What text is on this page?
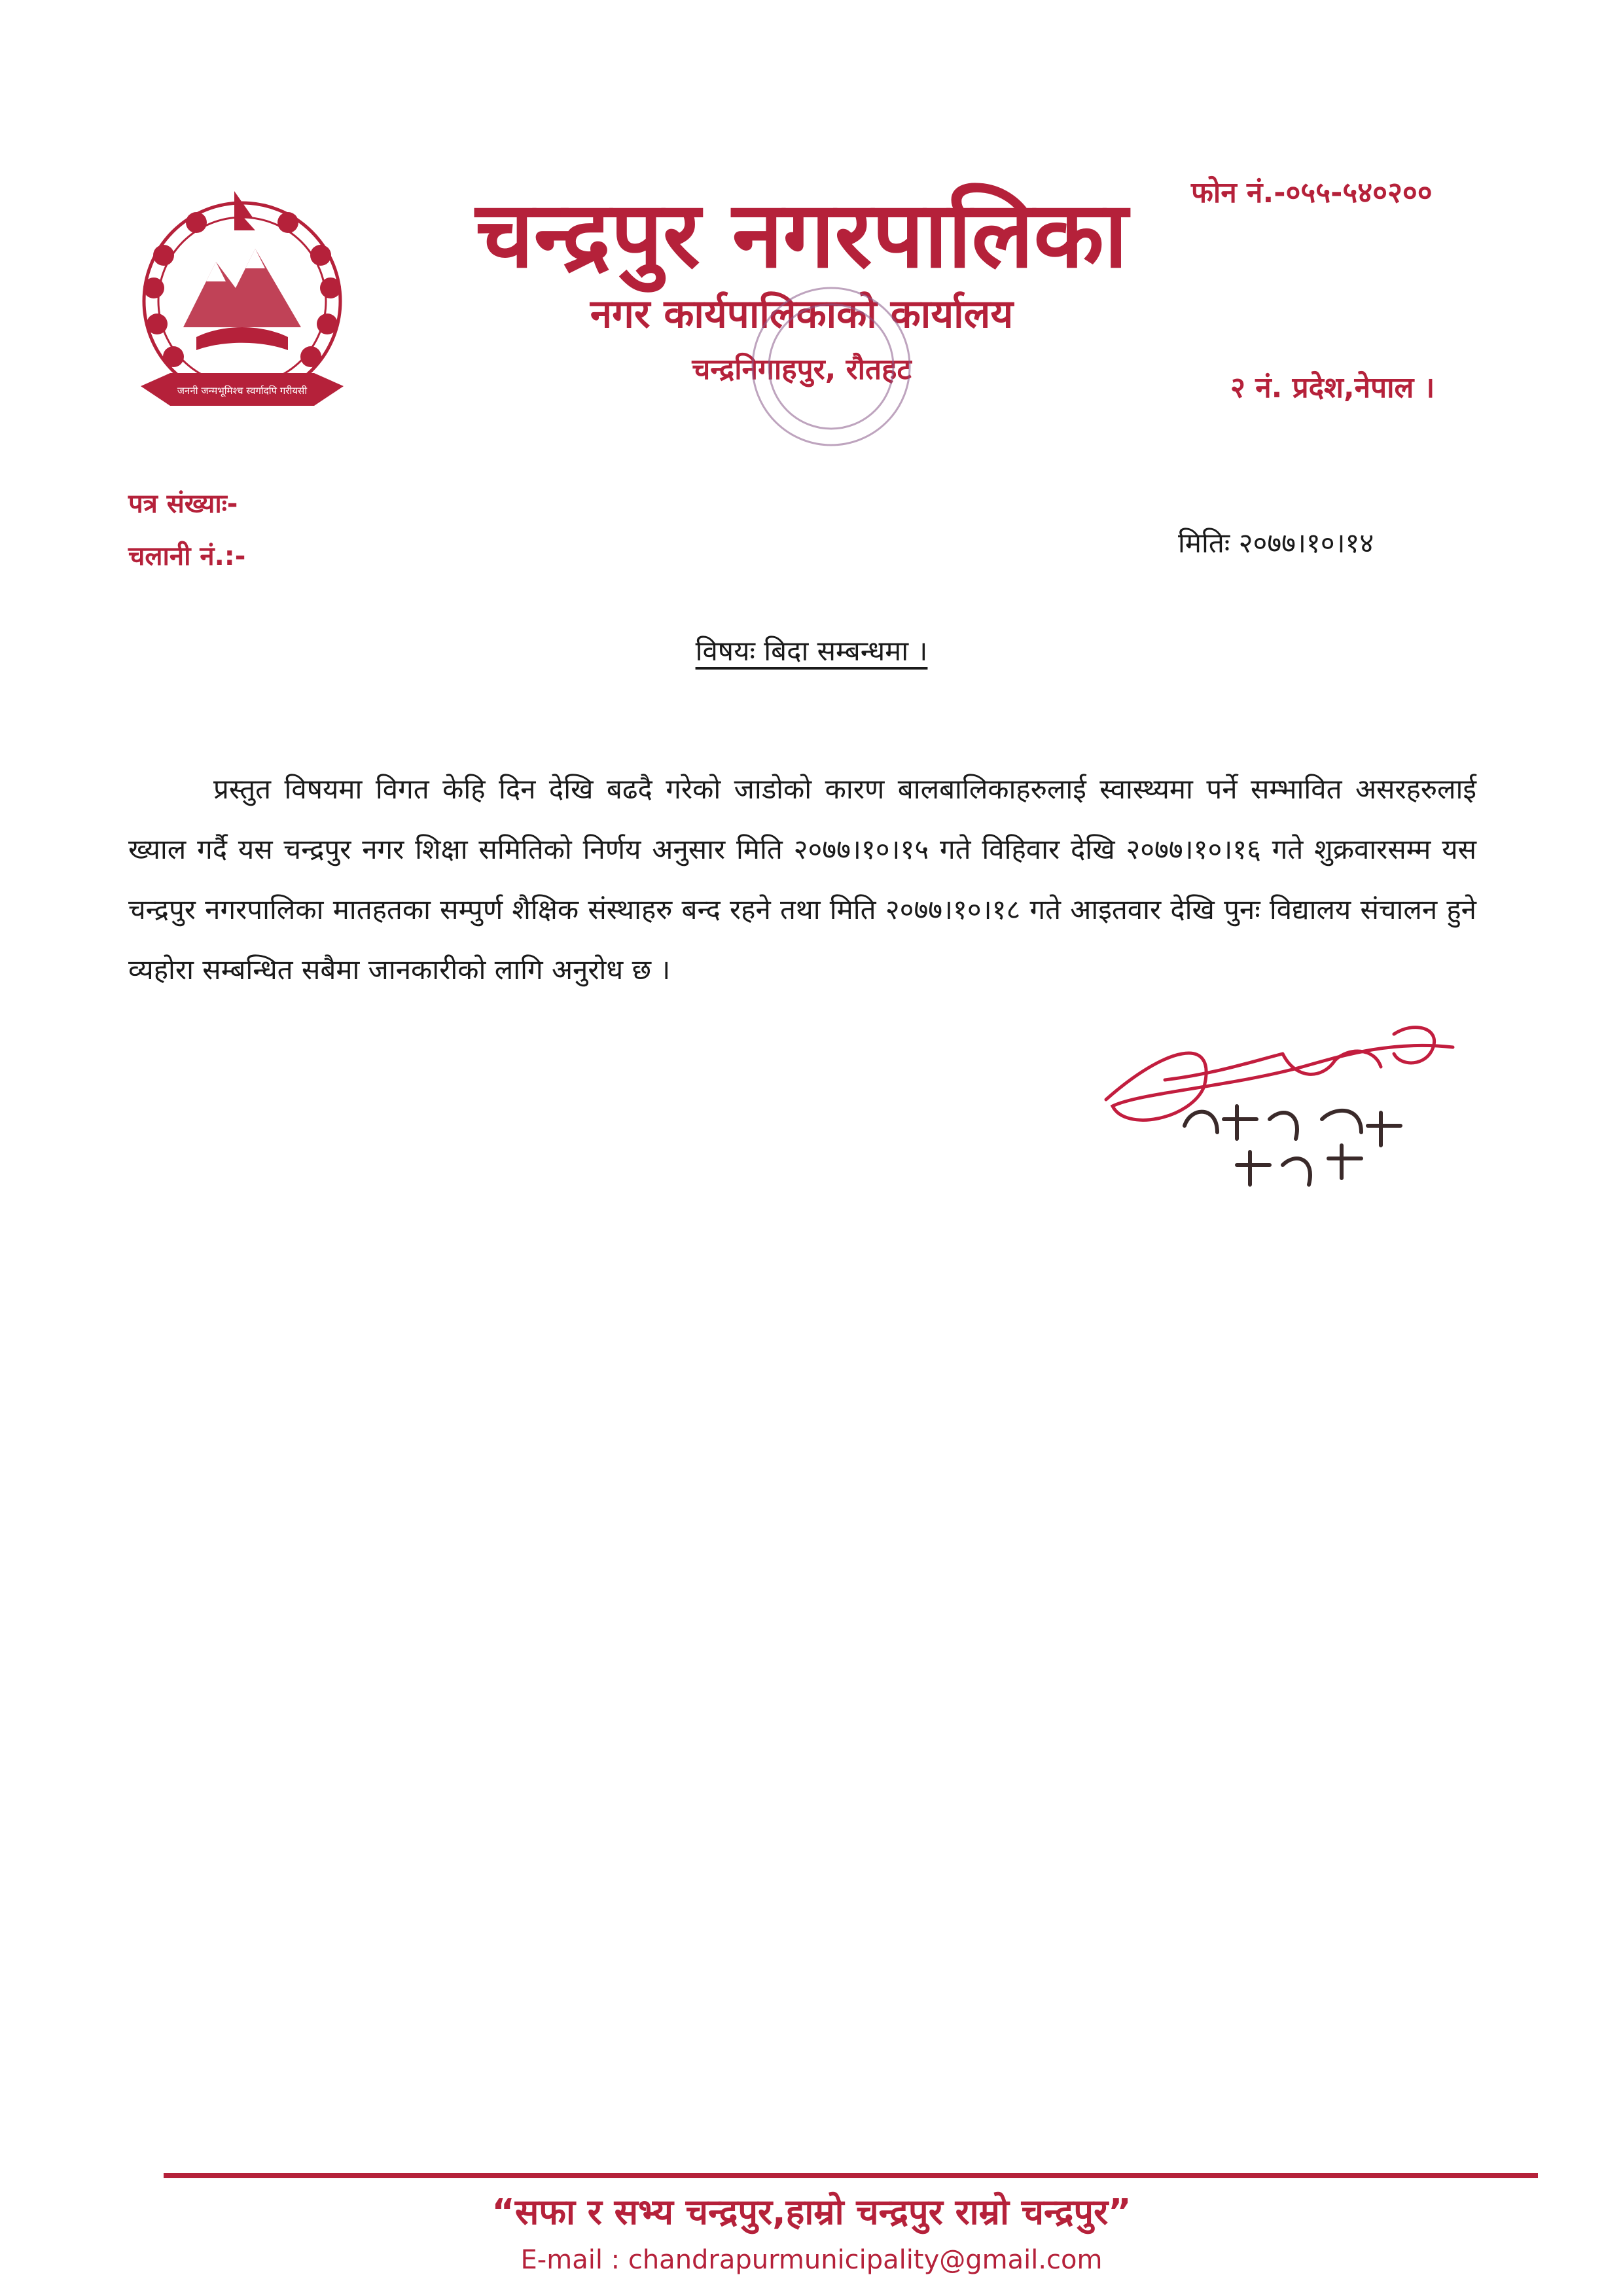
जननी जन्मभूमिश्च स्वर्गादपि गरीयसी
चन्द्रपुर नगरपालिका
नगर कार्यपालिकाको कार्यालय
चन्द्रनिगाहपुर, रौतहट
फोन नं.-०५५-५४०२००
२ नं. प्रदेश,नेपाल ।
पत्र संख्याः-
चलानी नं.:-	मितिः २०७७।१०।१४
विषयः बिदा सम्बन्धमा ।

प्रस्तुत विषयमा विगत केहि दिन देखि बढदै गरेको जाडोको कारण बालबालिकाहरुलाई स्वास्थ्यमा पर्ने सम्भावित असरहरुलाई ख्याल गर्दै यस चन्द्रपुर नगर शिक्षा समितिको निर्णय अनुसार मिति २०७७।१०।१५ गते विहिवार देखि २०७७।१०।१६ गते शुक्रवारसम्म यस चन्द्रपुर नगरपालिका मातहतका सम्पुर्ण शैक्षिक संस्थाहरु बन्द रहने तथा मिति २०७७।१०।१८ गते आइतवार देखि पुनः विद्यालय संचालन हुने व्यहोरा सम्बन्धित सबैमा जानकारीको लागि अनुरोध छ ।

“सफा र सभ्य चन्द्रपुर,हाम्रो चन्द्रपुर राम्रो चन्द्रपुर”
E-mail : chandrapurmunicipality@gmail.com
